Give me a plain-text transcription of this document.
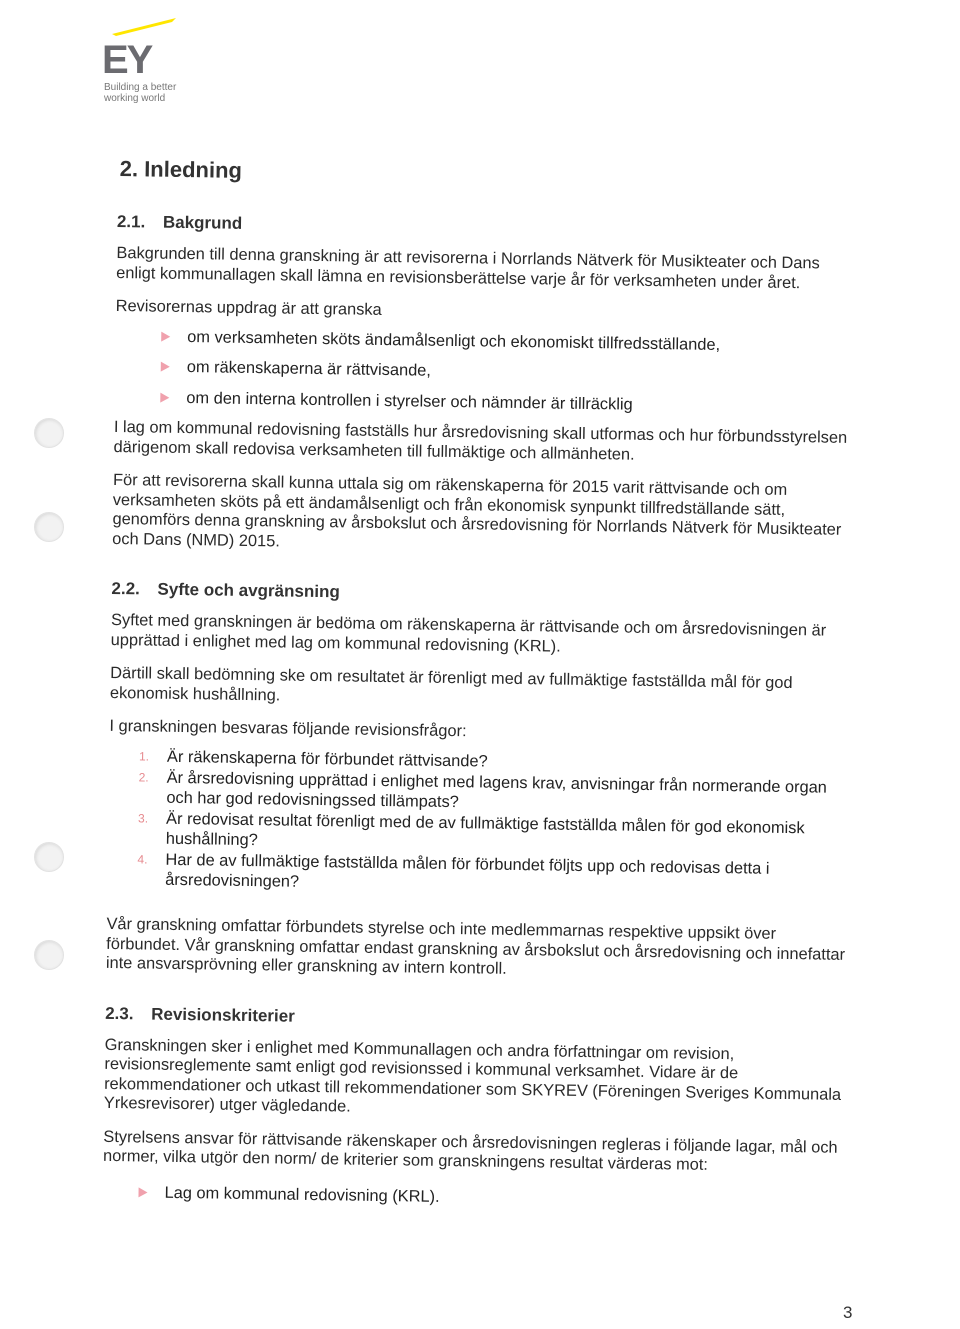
EY
Building a better
working world
2. Inledning
2.1. Bakgrund

Bakgrunden till denna granskning är att revisorerna i Norrlands Nätverk för Musikteater och Dans enligt kommunallagen skall lämna en revisionsberättelse varje år för verksamheten under året.

Revisorernas uppdrag är att granska

om verksamheten sköts ändamålsenligt och ekonomiskt tillfredsställande,
om räkenskaperna är rättvisande,
om den interna kontrollen i styrelser och nämnder är tillräcklig

I lag om kommunal redovisning fastställs hur årsredovisning skall utformas och hur förbundsstyrelsen därigenom skall redovisa verksamheten till fullmäktige och allmänheten.

För att revisorerna skall kunna uttala sig om räkenskaperna för 2015 varit rättvisande och om verksamheten sköts på ett ändamålsenligt och från ekonomisk synpunkt tillfredställande sätt, genomförs denna granskning av årsbokslut och årsredovisning för Norrlands Nätverk för Musikteater och Dans (NMD) 2015.

2.2. Syfte och avgränsning

Syftet med granskningen är bedöma om räkenskaperna är rättvisande och om årsredovisningen är upprättad i enlighet med lag om kommunal redovisning (KRL).

Därtill skall bedömning ske om resultatet är förenligt med av fullmäktige fastställda mål för god ekonomisk hushållning.

I granskningen besvaras följande revisionsfrågor:

1. Är räkenskaperna för förbundet rättvisande?
2. Är årsredovisning upprättad i enlighet med lagens krav, anvisningar från normerande organ och har god redovisningssed tillämpats?
3. Är redovisat resultat förenligt med de av fullmäktige fastställda målen för god ekonomisk hushållning?
4. Har de av fullmäktige fastställda målen för förbundet följts upp och redovisas detta i årsredovisningen?

Vår granskning omfattar förbundets styrelse och inte medlemmarnas respektive uppsikt över förbundet. Vår granskning omfattar endast granskning av årsbokslut och årsredovisning och innefattar inte ansvarsprövning eller granskning av intern kontroll.

2.3. Revisionskriterier

Granskningen sker i enlighet med Kommunallagen och andra författningar om revision, revisionsreglemente samt enligt god revisionssed i kommunal verksamhet. Vidare är de rekommendationer och utkast till rekommendationer som SKYREV (Föreningen Sveriges Kommunala Yrkesrevisorer) utger vägledande.

Styrelsens ansvar för rättvisande räkenskaper och årsredovisningen regleras i följande lagar, mål och normer, vilka utgör den norm/ de kriterier som granskningens resultat värderas mot:

Lag om kommunal redovisning (KRL).
3
